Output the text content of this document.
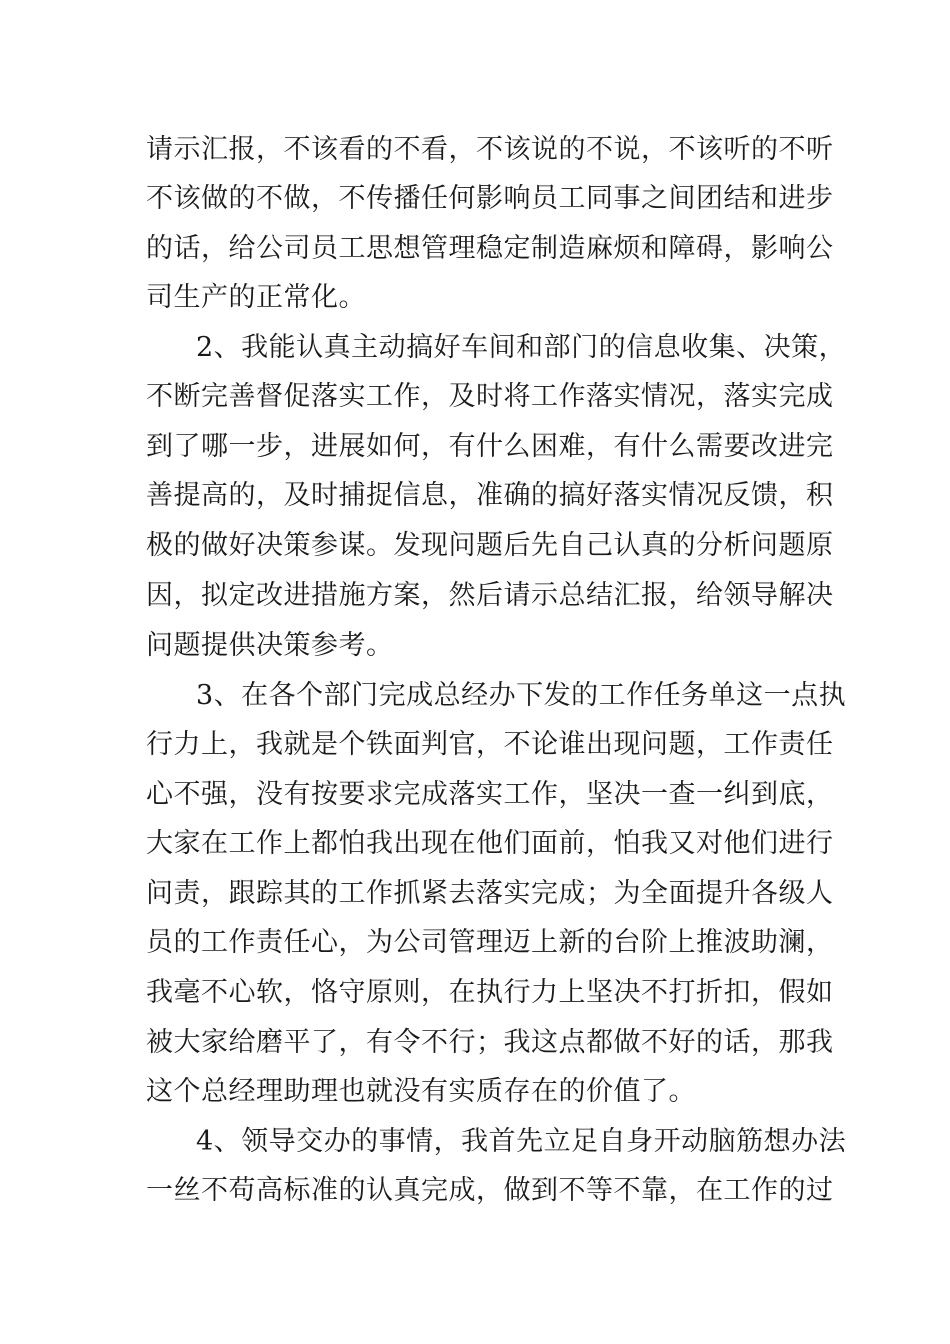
请示汇报，不该看的不看，不该说的不说，不该听的不听
不该做的不做，不传播任何影响员工同事之间团结和进步
的话，给公司员工思想管理稳定制造麻烦和障碍，影响公
司生产的正常化。
2、我能认真主动搞好车间和部门的信息收集、决策，
不断完善督促落实工作，及时将工作落实情况，落实完成
到了哪一步，进展如何，有什么困难，有什么需要改进完
善提高的，及时捕捉信息，准确的搞好落实情况反馈，积
极的做好决策参谋。发现问题后先自己认真的分析问题原
因，拟定改进措施方案，然后请示总结汇报，给领导解决
问题提供决策参考。
3、在各个部门完成总经办下发的工作任务单这一点执
行力上，我就是个铁面判官，不论谁出现问题，工作责任
心不强，没有按要求完成落实工作，坚决一查一纠到底，
大家在工作上都怕我出现在他们面前，怕我又对他们进行
问责，跟踪其的工作抓紧去落实完成；为全面提升各级人
员的工作责任心，为公司管理迈上新的台阶上推波助澜，
我毫不心软，恪守原则，在执行力上坚决不打折扣，假如
被大家给磨平了，有令不行；我这点都做不好的话，那我
这个总经理助理也就没有实质存在的价值了。
4、领导交办的事情，我首先立足自身开动脑筋想办法
一丝不苟高标准的认真完成，做到不等不靠，在工作的过
